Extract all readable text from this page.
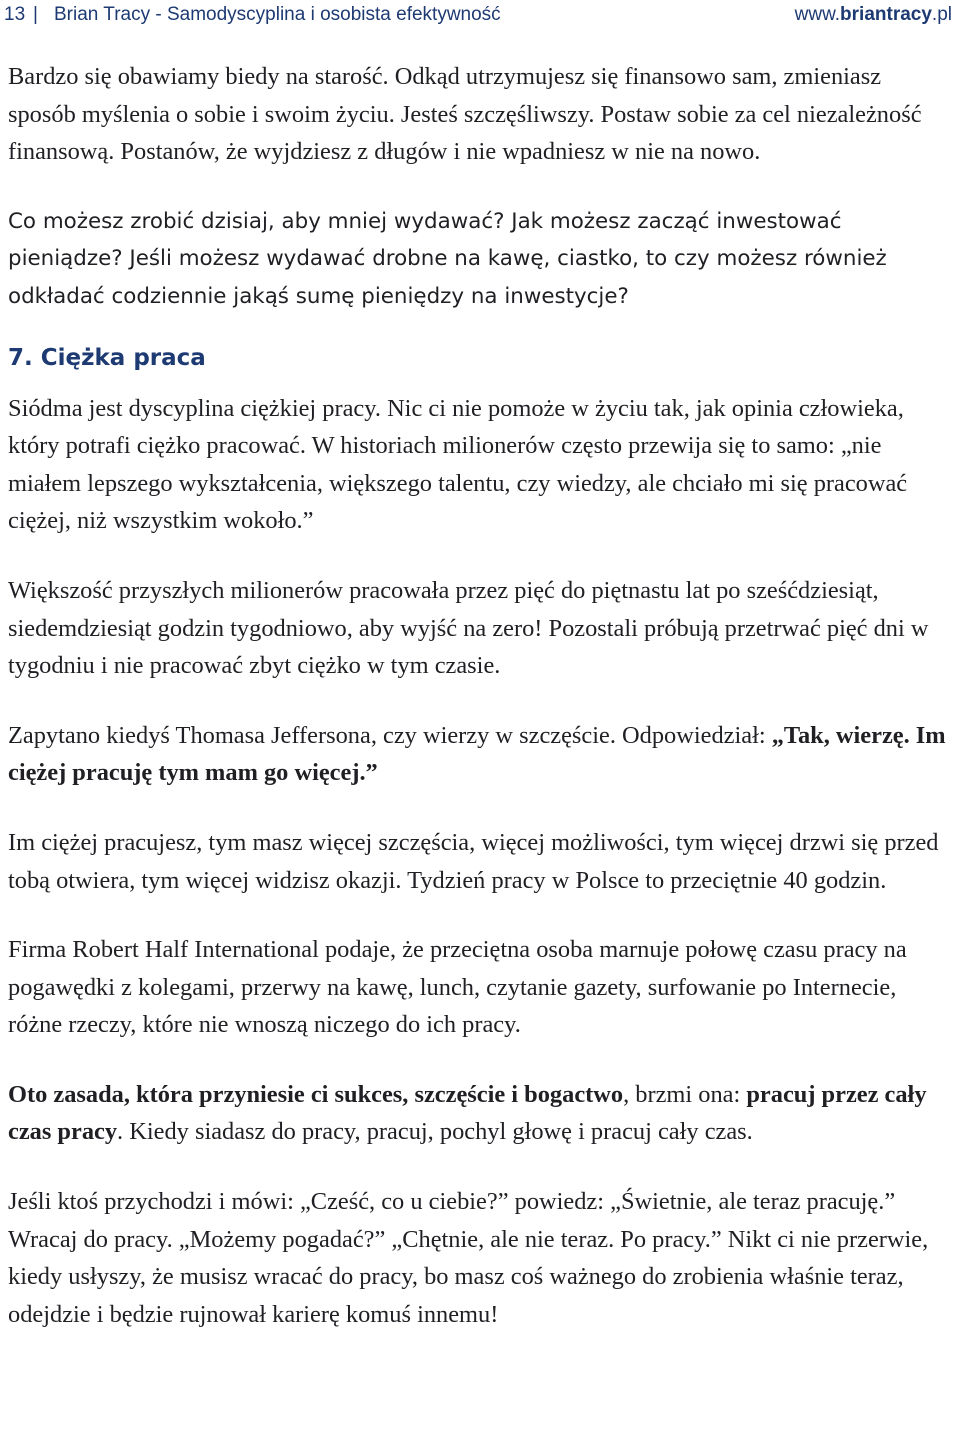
13 | Brian Tracy - Samodyscyplina i osobista efektywność	www.briantracy.pl

Bardzo się obawiamy biedy na starość. Odkąd utrzymujesz się finansowo sam, zmieniasz sposób myślenia o sobie i swoim życiu. Jesteś szczęśliwszy. Postaw sobie za cel niezależność finansową. Postanów, że wyjdziesz z długów i nie wpadniesz w nie na nowo.

Co możesz zrobić dzisiaj, aby mniej wydawać? Jak możesz zacząć inwestować pieniądze? Jeśli możesz wydawać drobne na kawę, ciastko, to czy możesz również odkładać codziennie jakąś sumę pieniędzy na inwestycje?

7. Ciężka praca

Siódma jest dyscyplina ciężkiej pracy. Nic ci nie pomoże w życiu tak, jak opinia człowieka, który potrafi ciężko pracować. W historiach milionerów często przewija się to samo: „nie miałem lepszego wykształcenia, większego talentu, czy wiedzy, ale chciało mi się pracować ciężej, niż wszystkim wokoło.”

Większość przyszłych milionerów pracowała przez pięć do piętnastu lat po sześćdziesiąt, siedemdziesiąt godzin tygodniowo, aby wyjść na zero! Pozostali próbują przetrwać pięć dni w tygodniu i nie pracować zbyt ciężko w tym czasie.

Zapytano kiedyś Thomasa Jeffersona, czy wierzy w szczęście. Odpowiedział: „Tak, wierzę. Im ciężej pracuję tym mam go więcej.”

Im ciężej pracujesz, tym masz więcej szczęścia, więcej możliwości, tym więcej drzwi się przed tobą otwiera, tym więcej widzisz okazji. Tydzień pracy w Polsce to przeciętnie 40 godzin.

Firma Robert Half International podaje, że przeciętna osoba marnuje połowę czasu pracy na pogawędki z kolegami, przerwy na kawę, lunch, czytanie gazety, surfowanie po Internecie, różne rzeczy, które nie wnoszą niczego do ich pracy.

Oto zasada, która przyniesie ci sukces, szczęście i bogactwo, brzmi ona: pracuj przez cały czas pracy. Kiedy siadasz do pracy, pracuj, pochyl głowę i pracuj cały czas.

Jeśli ktoś przychodzi i mówi: „Cześć, co u ciebie?” powiedz: „Świetnie, ale teraz pracuję.” Wracaj do pracy. „Możemy pogadać?” „Chętnie, ale nie teraz. Po pracy.” Nikt ci nie przerwie, kiedy usłyszy, że musisz wracać do pracy, bo masz coś ważnego do zrobienia właśnie teraz, odejdzie i będzie rujnował karierę komuś innemu!
